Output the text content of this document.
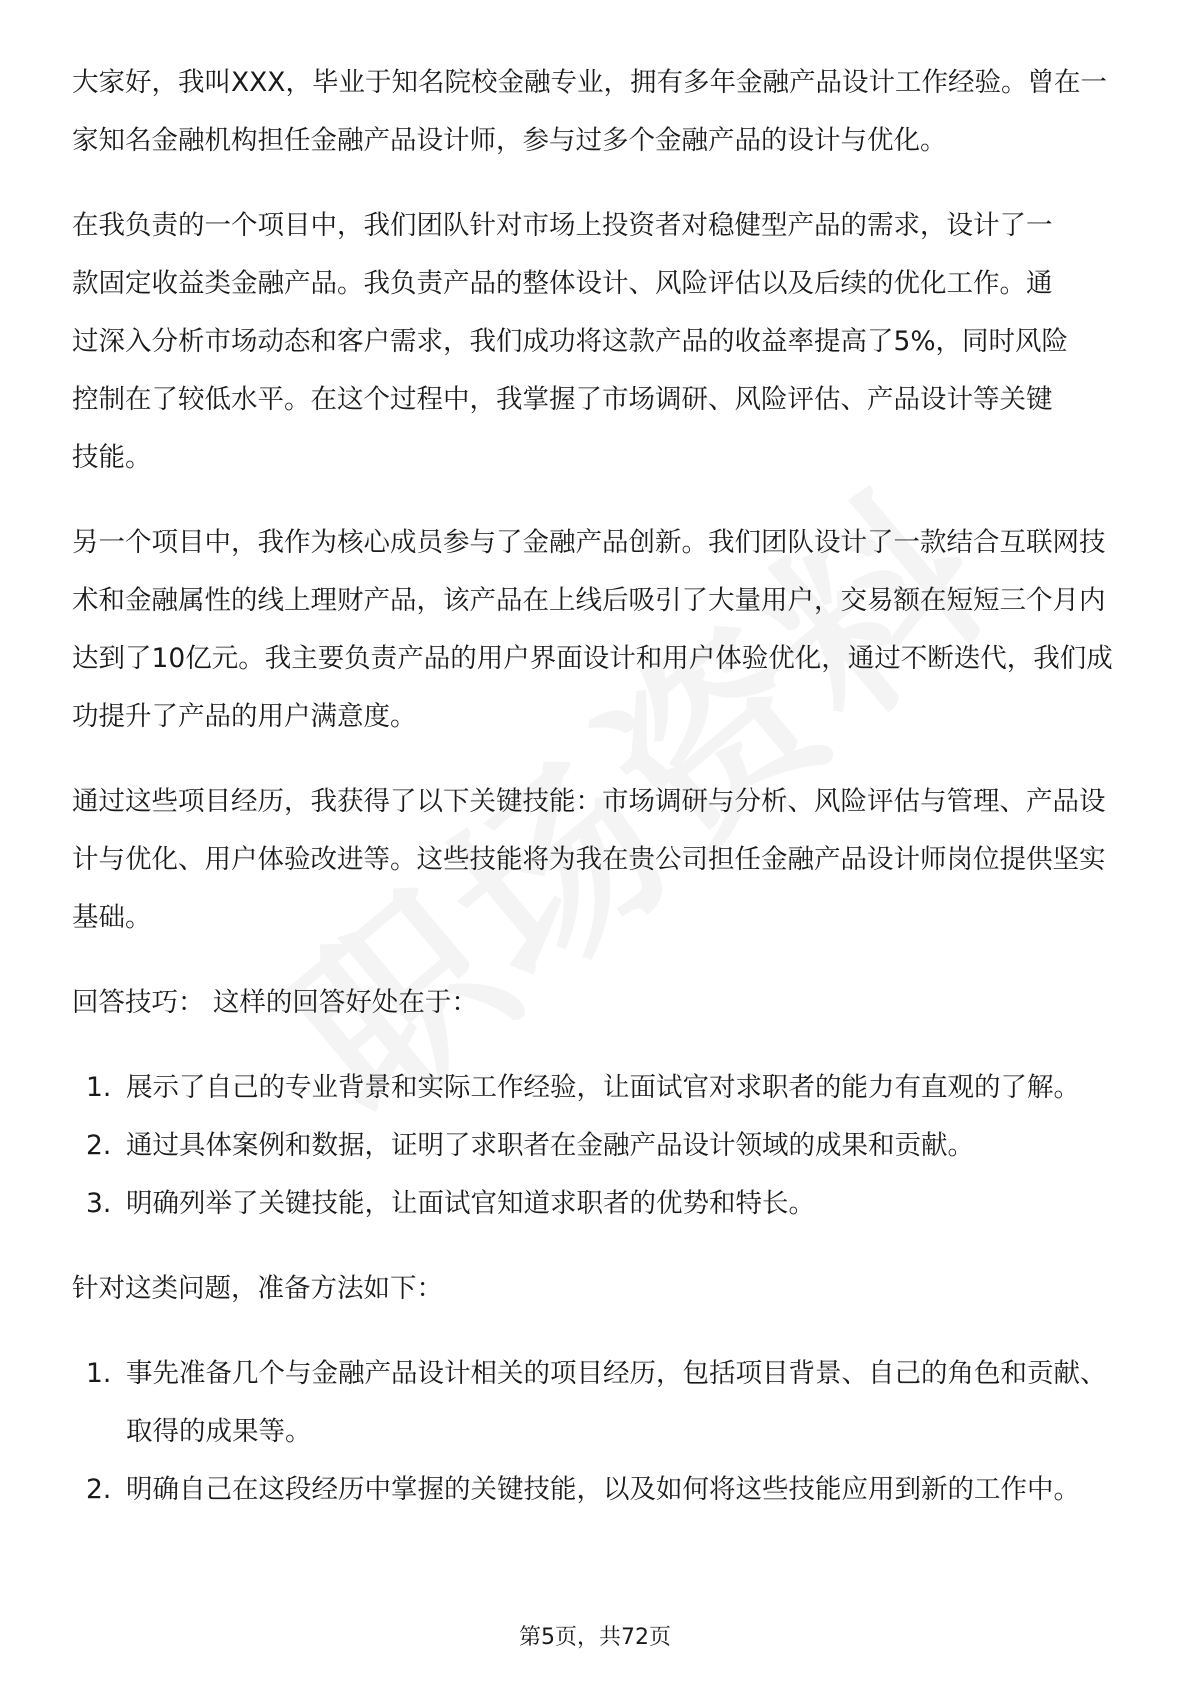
大家好，我叫XXX，毕业于知名院校金融专业，拥有多年金融产品设计工作经验。曾在一家知名金融机构担任金融产品设计师，参与过多个金融产品的设计与优化。

在我负责的一个项目中，我们团队针对市场上投资者对稳健型产品的需求，设计了一款固定收益类金融产品。我负责产品的整体设计、风险评估以及后续的优化工作。通过深入分析市场动态和客户需求，我们成功将这款产品的收益率提高了5%，同时风险控制在了较低水平。在这个过程中，我掌握了市场调研、风险评估、产品设计等关键技能。

另一个项目中，我作为核心成员参与了金融产品创新。我们团队设计了一款结合互联网技术和金融属性的线上理财产品，该产品在上线后吸引了大量用户，交易额在短短三个月内达到了10亿元。我主要负责产品的用户界面设计和用户体验优化，通过不断迭代，我们成功提升了产品的用户满意度。

通过这些项目经历，我获得了以下关键技能：市场调研与分析、风险评估与管理、产品设计与优化、用户体验改进等。这些技能将为我在贵公司担任金融产品设计师岗位提供坚实基础。

回答技巧： 这样的回答好处在于：

1. 展示了自己的专业背景和实际工作经验，让面试官对求职者的能力有直观的了解。
2. 通过具体案例和数据，证明了求职者在金融产品设计领域的成果和贡献。
3. 明确列举了关键技能，让面试官知道求职者的优势和特长。

针对这类问题，准备方法如下：

1. 事先准备几个与金融产品设计相关的项目经历，包括项目背景、自己的角色和贡献、取得的成果等。
2. 明确自己在这段经历中掌握的关键技能，以及如何将这些技能应用到新的工作中。
第5页，共72页
